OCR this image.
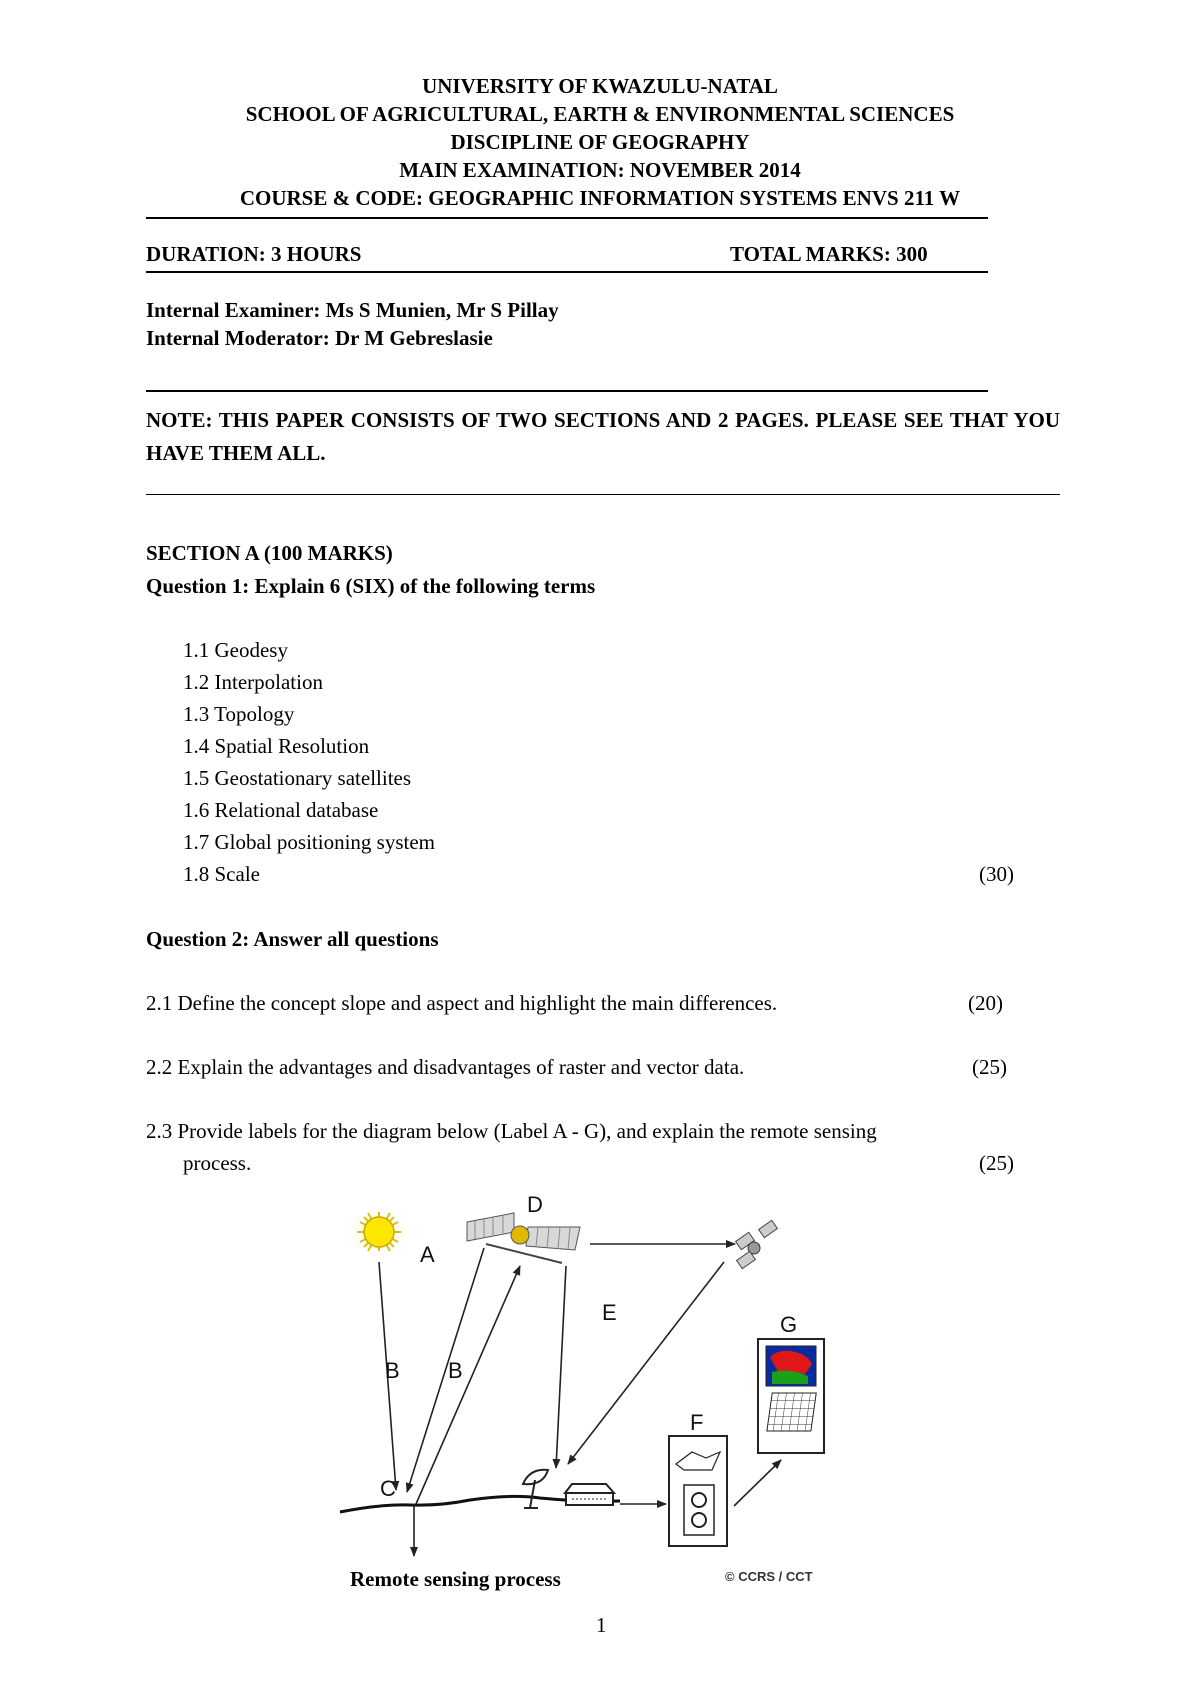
UNIVERSITY OF KWAZULU-NATAL
SCHOOL OF AGRICULTURAL, EARTH & ENVIRONMENTAL SCIENCES
DISCIPLINE OF GEOGRAPHY
MAIN EXAMINATION: NOVEMBER 2014
COURSE & CODE: GEOGRAPHIC INFORMATION SYSTEMS ENVS 211 W
DURATION: 3 HOURS	TOTAL MARKS: 300
Internal Examiner: Ms S Munien, Mr S Pillay
Internal Moderator: Dr M Gebreslasie
NOTE: THIS PAPER CONSISTS OF TWO SECTIONS AND 2 PAGES. PLEASE SEE THAT YOU HAVE THEM ALL.
SECTION A (100 MARKS)
Question 1: Explain 6 (SIX) of the following terms
1.1 Geodesy
1.2 Interpolation
1.3 Topology
1.4 Spatial Resolution
1.5 Geostationary satellites
1.6 Relational database
1.7 Global positioning system
1.8 Scale	(30)
Question 2: Answer all questions
2.1 Define the concept slope and aspect and highlight the main differences.	(20)
2.2 Explain the advantages and disadvantages of raster and vector data.	(25)
2.3 Provide labels for the diagram below (Label A - G), and explain the remote sensing
process.	(25)
A
B B
C
D
E
F
G
© CCRS / CCT
Remote sensing process
1
